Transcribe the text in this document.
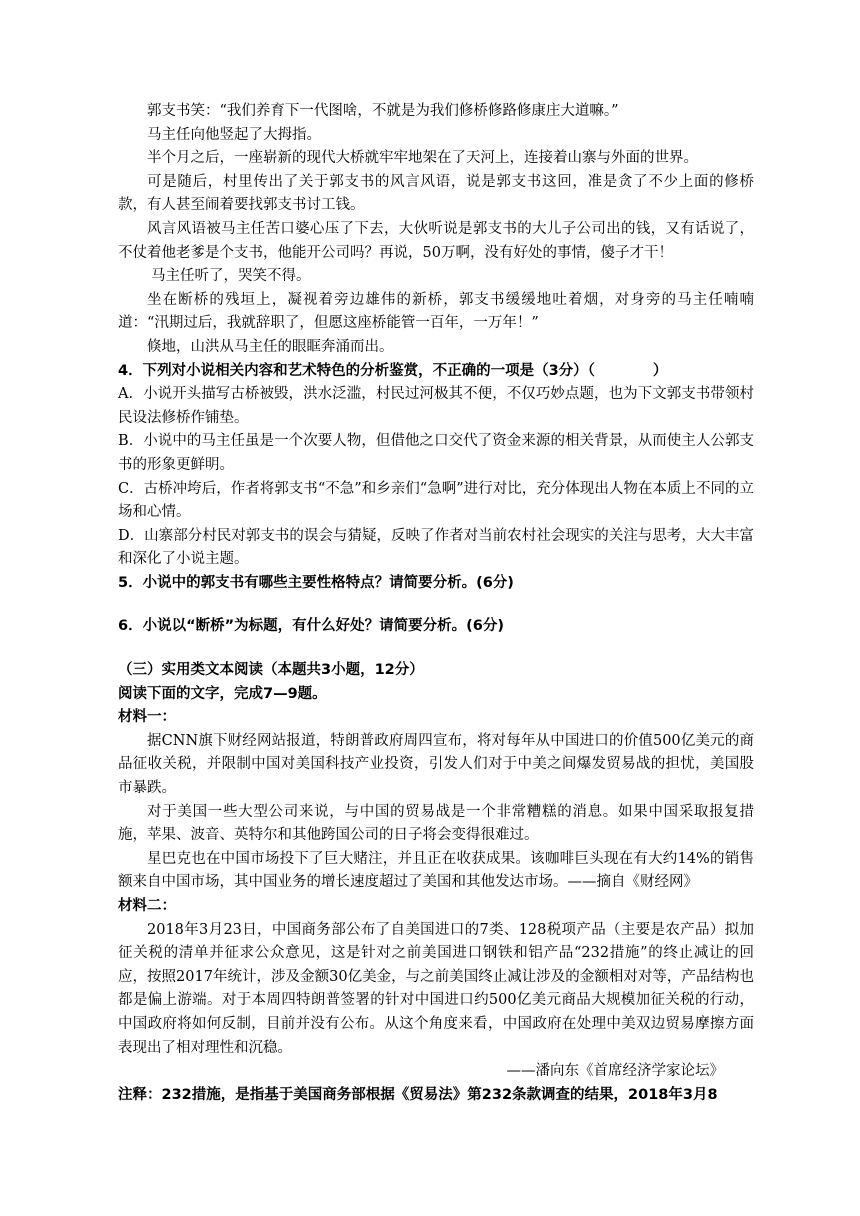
郭支书笑：“我们养育下一代图啥，不就是为我们修桥修路修康庄大道嘛。”

马主任向他竖起了大拇指。

半个月之后，一座崭新的现代大桥就牢牢地架在了天河上，连接着山寨与外面的世界。

可是随后，村里传出了关于郭支书的风言风语，说是郭支书这回，准是贪了不少上面的修桥款，有人甚至闹着要找郭支书讨工钱。

风言风语被马主任苦口婆心压了下去，大伙听说是郭支书的大儿子公司出的钱，又有话说了，不仗着他老爹是个支书，他能开公司吗？再说，50万啊，没有好处的事情，傻子才干！

马主任听了，哭笑不得。

坐在断桥的残垣上，凝视着旁边雄伟的新桥，郭支书缓缓地吐着烟，对身旁的马主任喃喃道：“汛期过后，我就辞职了，但愿这座桥能管一百年，一万年！”

倏地，山洪从马主任的眼眶奔涌而出。

4．下列对小说相关内容和艺术特色的分析鉴赏，不正确的一项是（3分）（　　　　）

A．小说开头描写古桥被毁，洪水泛滥，村民过河极其不便，不仅巧妙点题，也为下文郭支书带领村民设法修桥作铺垫。

B．小说中的马主任虽是一个次要人物，但借他之口交代了资金来源的相关背景，从而使主人公郭支书的形象更鲜明。

C．古桥冲垮后，作者将郭支书“不急”和乡亲们“急啊”进行对比，充分体现出人物在本质上不同的立场和心情。

D．山寨部分村民对郭支书的误会与猜疑，反映了作者对当前农村社会现实的关注与思考，大大丰富和深化了小说主题。

5．小说中的郭支书有哪些主要性格特点？请简要分析。(6分)

6．小说以“断桥”为标题，有什么好处？请简要分析。(6分)

（三）实用类文本阅读（本题共3小题，12分）

阅读下面的文字，完成7—9题。

材料一：

据CNN旗下财经网站报道，特朗普政府周四宣布，将对每年从中国进口的价值500亿美元的商品征收关税，并限制中国对美国科技产业投资，引发人们对于中美之间爆发贸易战的担忧，美国股市暴跌。

对于美国一些大型公司来说，与中国的贸易战是一个非常糟糕的消息。如果中国采取报复措施，苹果、波音、英特尔和其他跨国公司的日子将会变得很难过。

星巴克也在中国市场投下了巨大赌注，并且正在收获成果。该咖啡巨头现在有大约14%的销售额来自中国市场，其中国业务的增长速度超过了美国和其他发达市场。——摘自《财经网》

材料二：

2018年3月23日，中国商务部公布了自美国进口的7类、128税项产品（主要是农产品）拟加征关税的清单并征求公众意见，这是针对之前美国进口钢铁和铝产品“232措施”的终止减让的回应，按照2017年统计，涉及金额30亿美金，与之前美国终止减让涉及的金额相对对等，产品结构也都是偏上游端。对于本周四特朗普签署的针对中国进口约500亿美元商品大规模加征关税的行动，中国政府将如何反制，目前并没有公布。从这个角度来看，中国政府在处理中美双边贸易摩擦方面表现出了相对理性和沉稳。

——潘向东《首席经济学家论坛》

注释：232措施，是指基于美国商务部根据《贸易法》第232条款调查的结果，2018年3月8
